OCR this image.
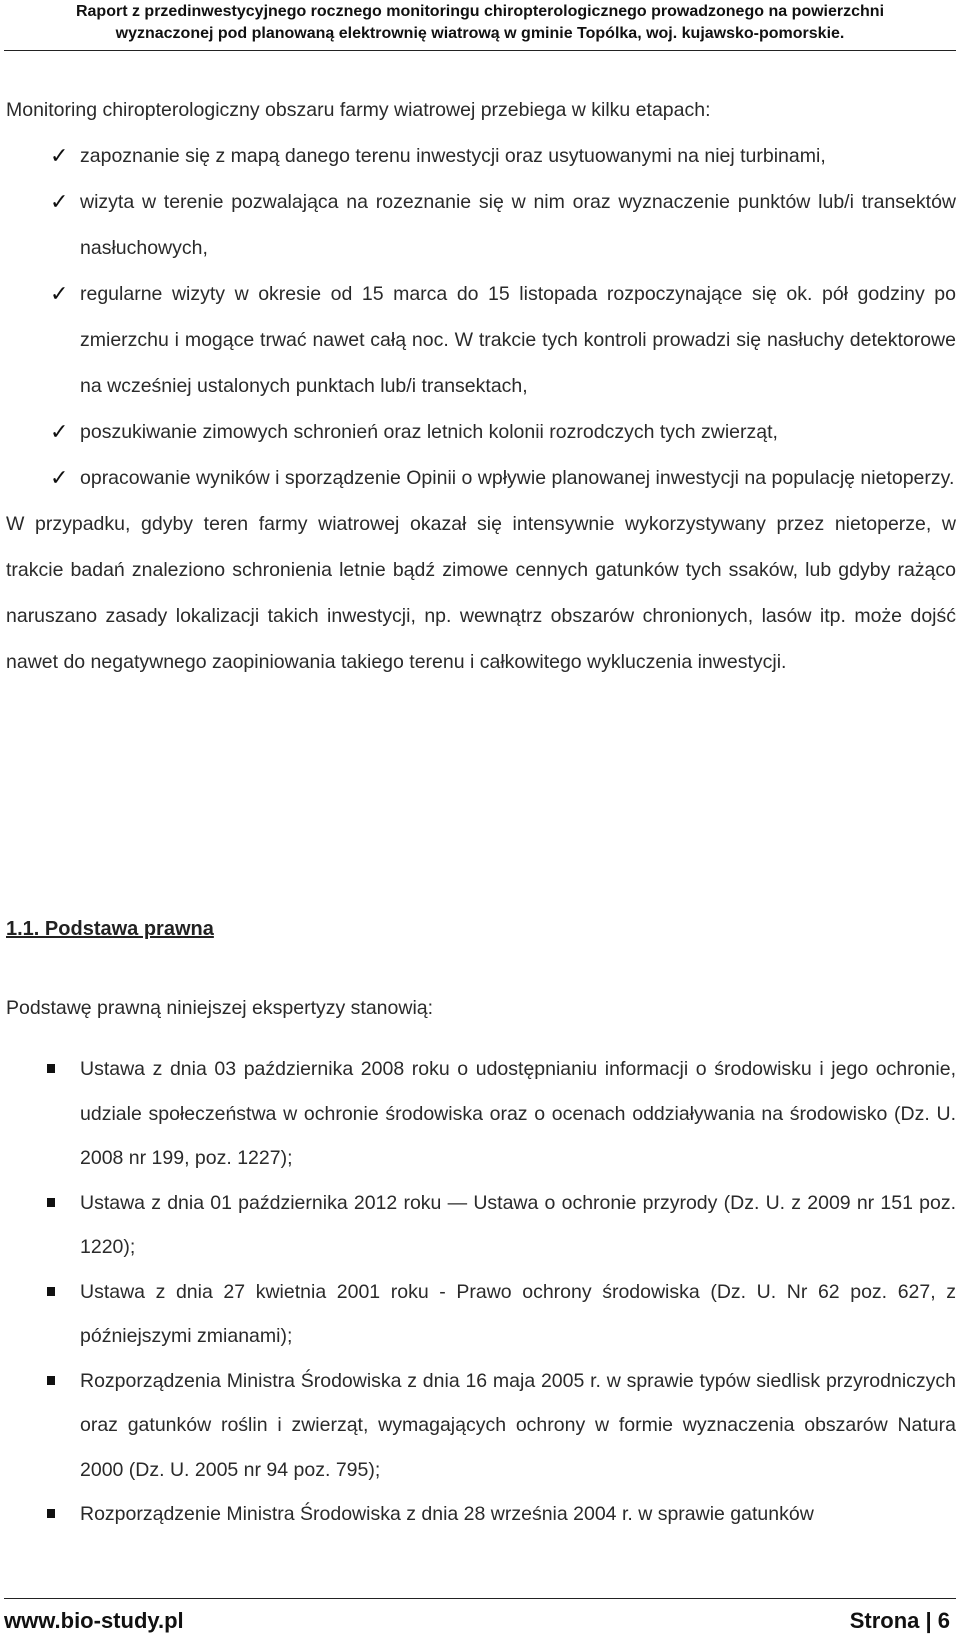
Raport z przedinwestycyjnego rocznego monitoringu chiropterologicznego prowadzonego na powierzchni
wyznaczonej pod planowaną elektrownię wiatrową w gminie Topólka, woj. kujawsko-pomorskie.

Monitoring chiropterologiczny obszaru farmy wiatrowej przebiega w kilku etapach:

✓ zapoznanie się z mapą danego terenu inwestycji oraz usytuowanymi na niej turbinami,
✓ wizyta w terenie pozwalająca na rozeznanie się w nim oraz wyznaczenie punktów lub/i transektów nasłuchowych,
✓ regularne wizyty w okresie od 15 marca do 15 listopada rozpoczynające się ok. pół godziny po zmierzchu i mogące trwać nawet całą noc. W trakcie tych kontroli prowadzi się nasłuchy detektorowe na wcześniej ustalonych punktach lub/i transektach,
✓ poszukiwanie zimowych schronień oraz letnich kolonii rozrodczych tych zwierząt,
✓ opracowanie wyników i sporządzenie Opinii o wpływie planowanej inwestycji na populację nietoperzy.

W przypadku, gdyby teren farmy wiatrowej okazał się intensywnie wykorzystywany przez nietoperze, w trakcie badań znaleziono schronienia letnie bądź zimowe cennych gatunków tych ssaków, lub gdyby rażąco naruszano zasady lokalizacji takich inwestycji, np. wewnątrz obszarów chronionych, lasów itp. może dojść nawet do negatywnego zaopiniowania takiego terenu i całkowitego wykluczenia inwestycji.

1.1. Podstawa prawna

Podstawę prawną niniejszej ekspertyzy stanowią:

Ustawa z dnia 03 października 2008 roku o udostępnianiu informacji o środowisku i jego ochronie, udziale społeczeństwa w ochronie środowiska oraz o ocenach oddziaływania na środowisko (Dz. U. 2008 nr 199, poz. 1227);
Ustawa z dnia 01 października 2012 roku — Ustawa o ochronie przyrody (Dz. U. z 2009 nr 151 poz. 1220);
Ustawa z dnia 27 kwietnia 2001 roku - Prawo ochrony środowiska (Dz. U. Nr 62 poz. 627, z późniejszymi zmianami);
Rozporządzenia Ministra Środowiska z dnia 16 maja 2005 r. w sprawie typów siedlisk przyrodniczych oraz gatunków roślin i zwierząt, wymagających ochrony w formie wyznaczenia obszarów Natura 2000 (Dz. U. 2005 nr 94 poz. 795);
Rozporządzenie Ministra Środowiska z dnia 28 września 2004 r. w sprawie gatunków
www.bio-study.pl	Strona | 6
